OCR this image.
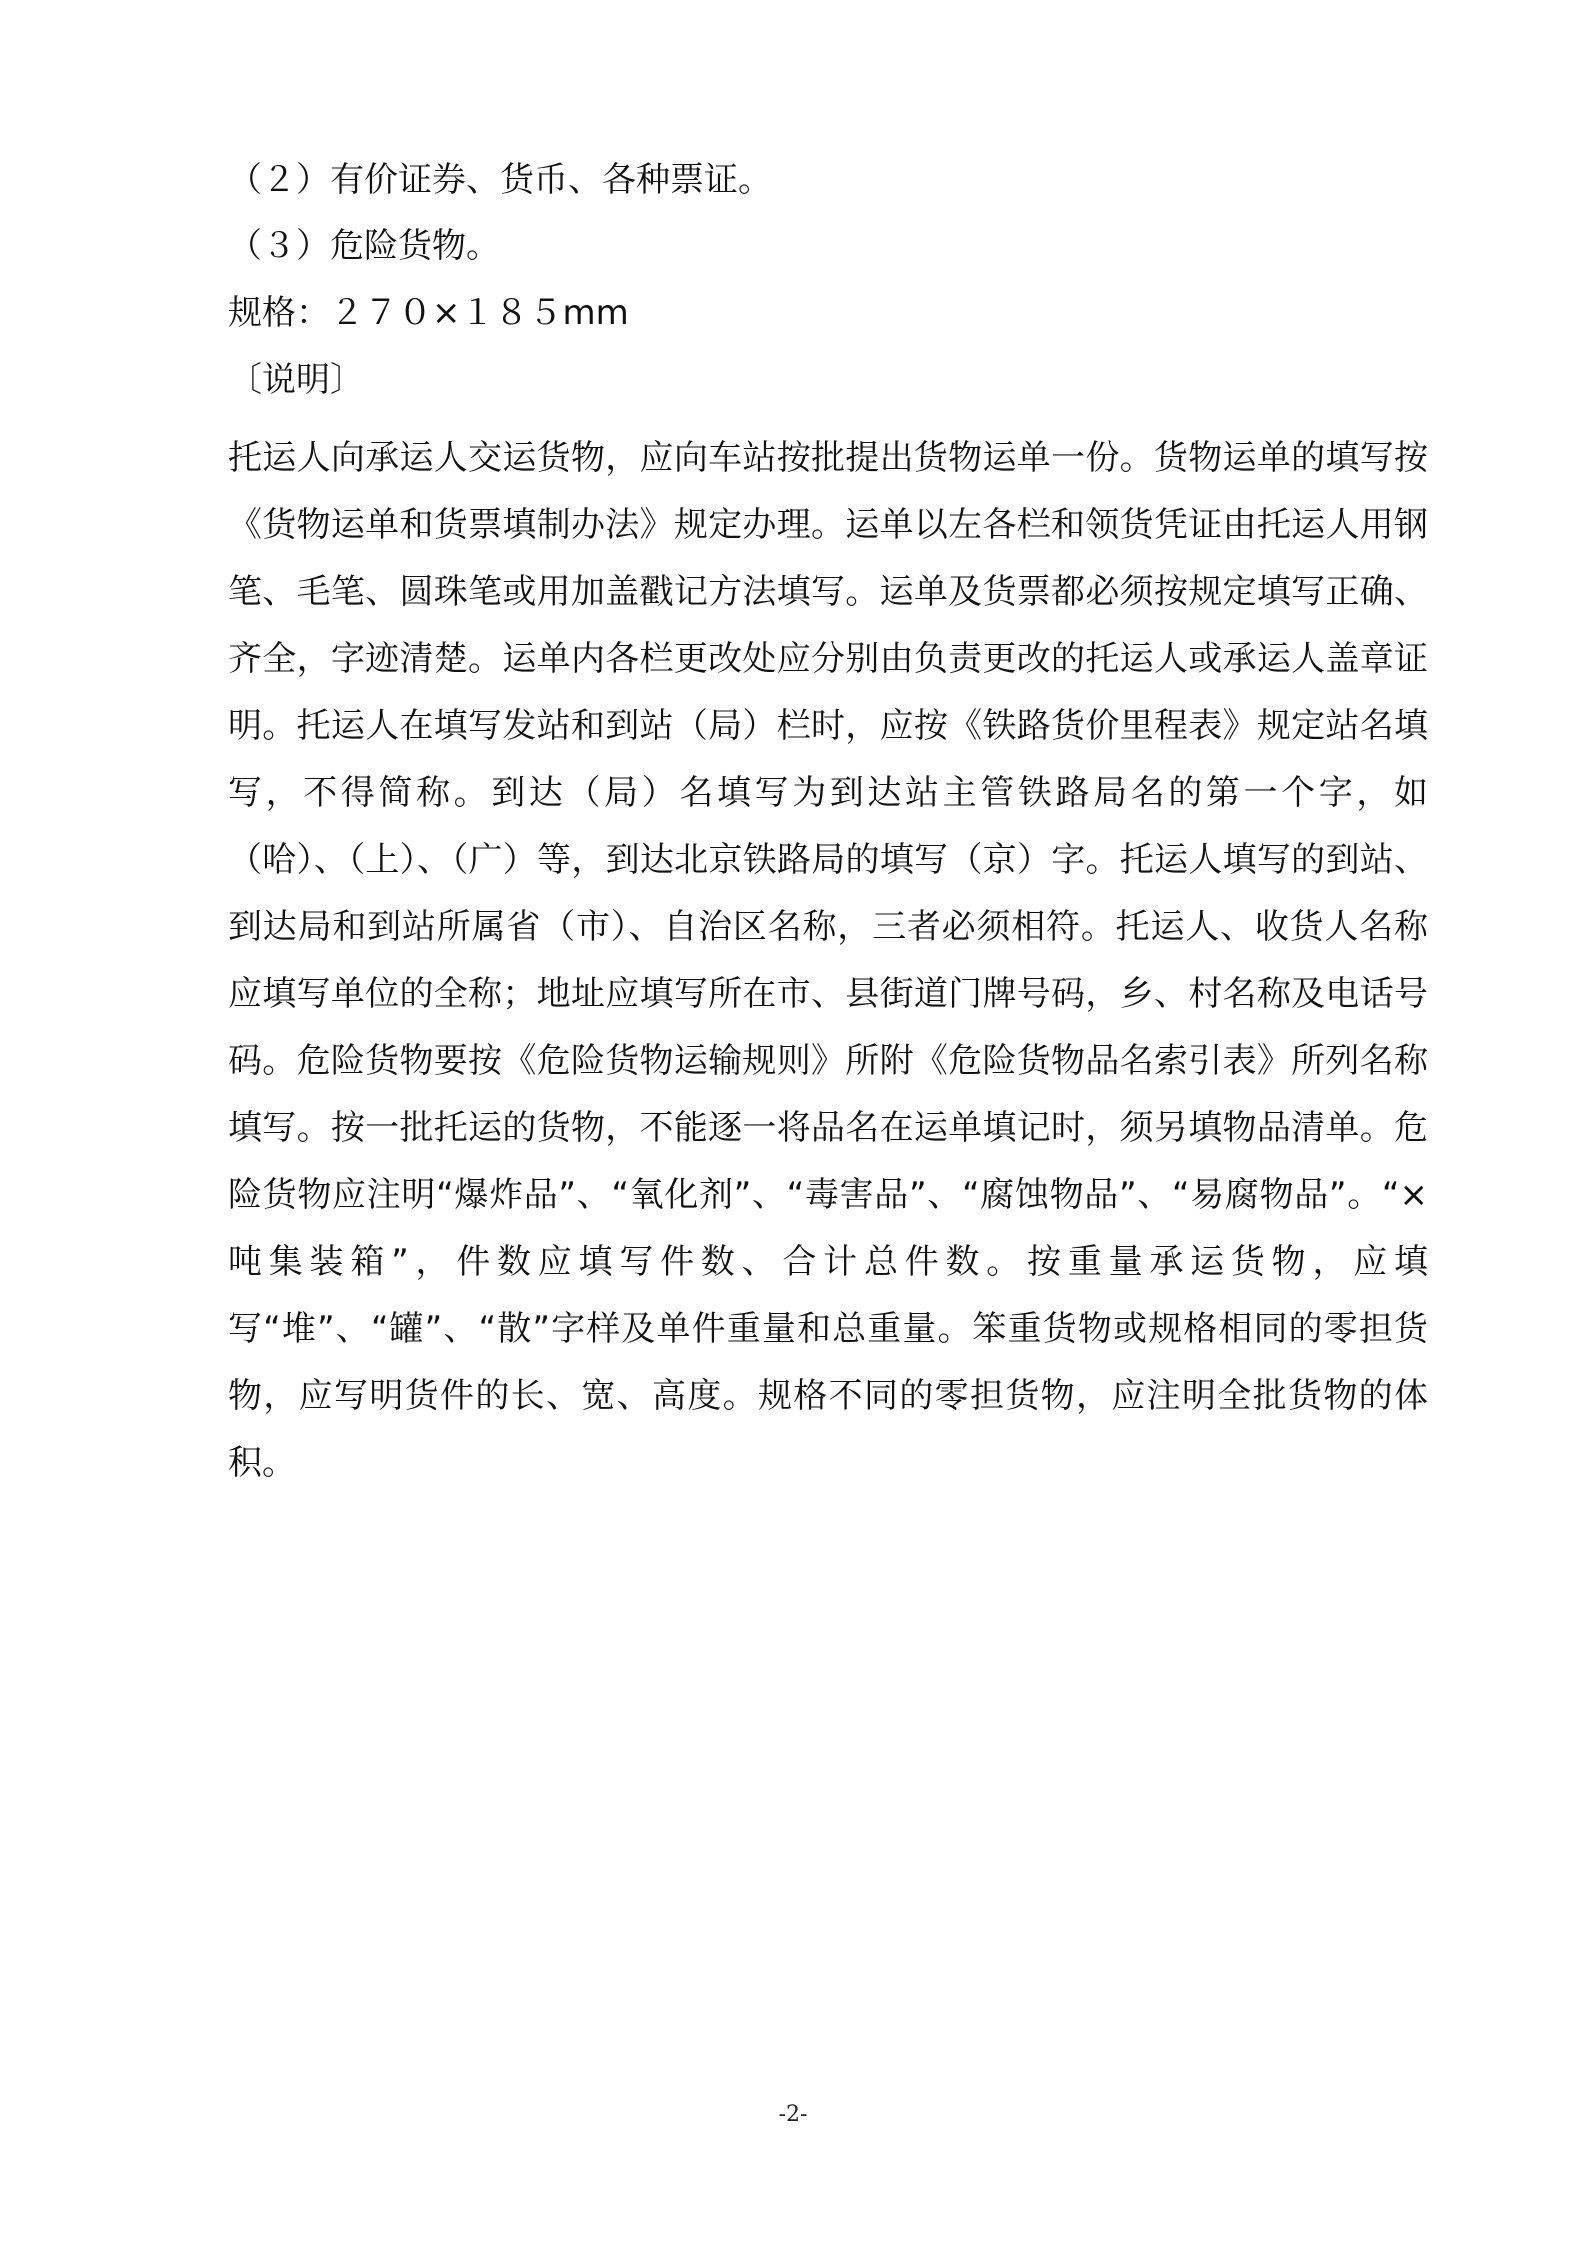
（２）有价证券、货币、各种票证。
（３）危险货物。
规格：２７０×１８５mm
〔说明〕
托运人向承运人交运货物，应向车站按批提出货物运单一份。货物运单的填写按《货物运单和货票填制办法》规定办理。运单以左各栏和领货凭证由托运人用钢笔、毛笔、圆珠笔或用加盖戳记方法填写。运单及货票都必须按规定填写正确、齐全，字迹清楚。运单内各栏更改处应分别由负责更改的托运人或承运人盖章证明。托运人在填写发站和到站（局）栏时，应按《铁路货价里程表》规定站名填写，不得简称。到达（局）名填写为到达站主管铁路局名的第一个字，如（哈）、（上）、（广）等，到达北京铁路局的填写（京）字。托运人填写的到站、到达局和到站所属省（市）、自治区名称，三者必须相符。托运人、收货人名称应填写单位的全称；地址应填写所在市、县街道门牌号码，乡、村名称及电话号码。危险货物要按《危险货物运输规则》所附《危险货物品名索引表》所列名称填写。按一批托运的货物，不能逐一将品名在运单填记时，须另填物品清单。危险货物应注明“爆炸品”、“氧化剂”、“毒害品”、“腐蚀物品”、“易腐物品”。“×吨集装箱”，件数应填写件数、合计总件数。按重量承运货物，应填写“堆”、“罐”、“散”字样及单件重量和总重量。笨重货物或规格相同的零担货物，应写明货件的长、宽、高度。规格不同的零担货物，应注明全批货物的体积。
-2-
